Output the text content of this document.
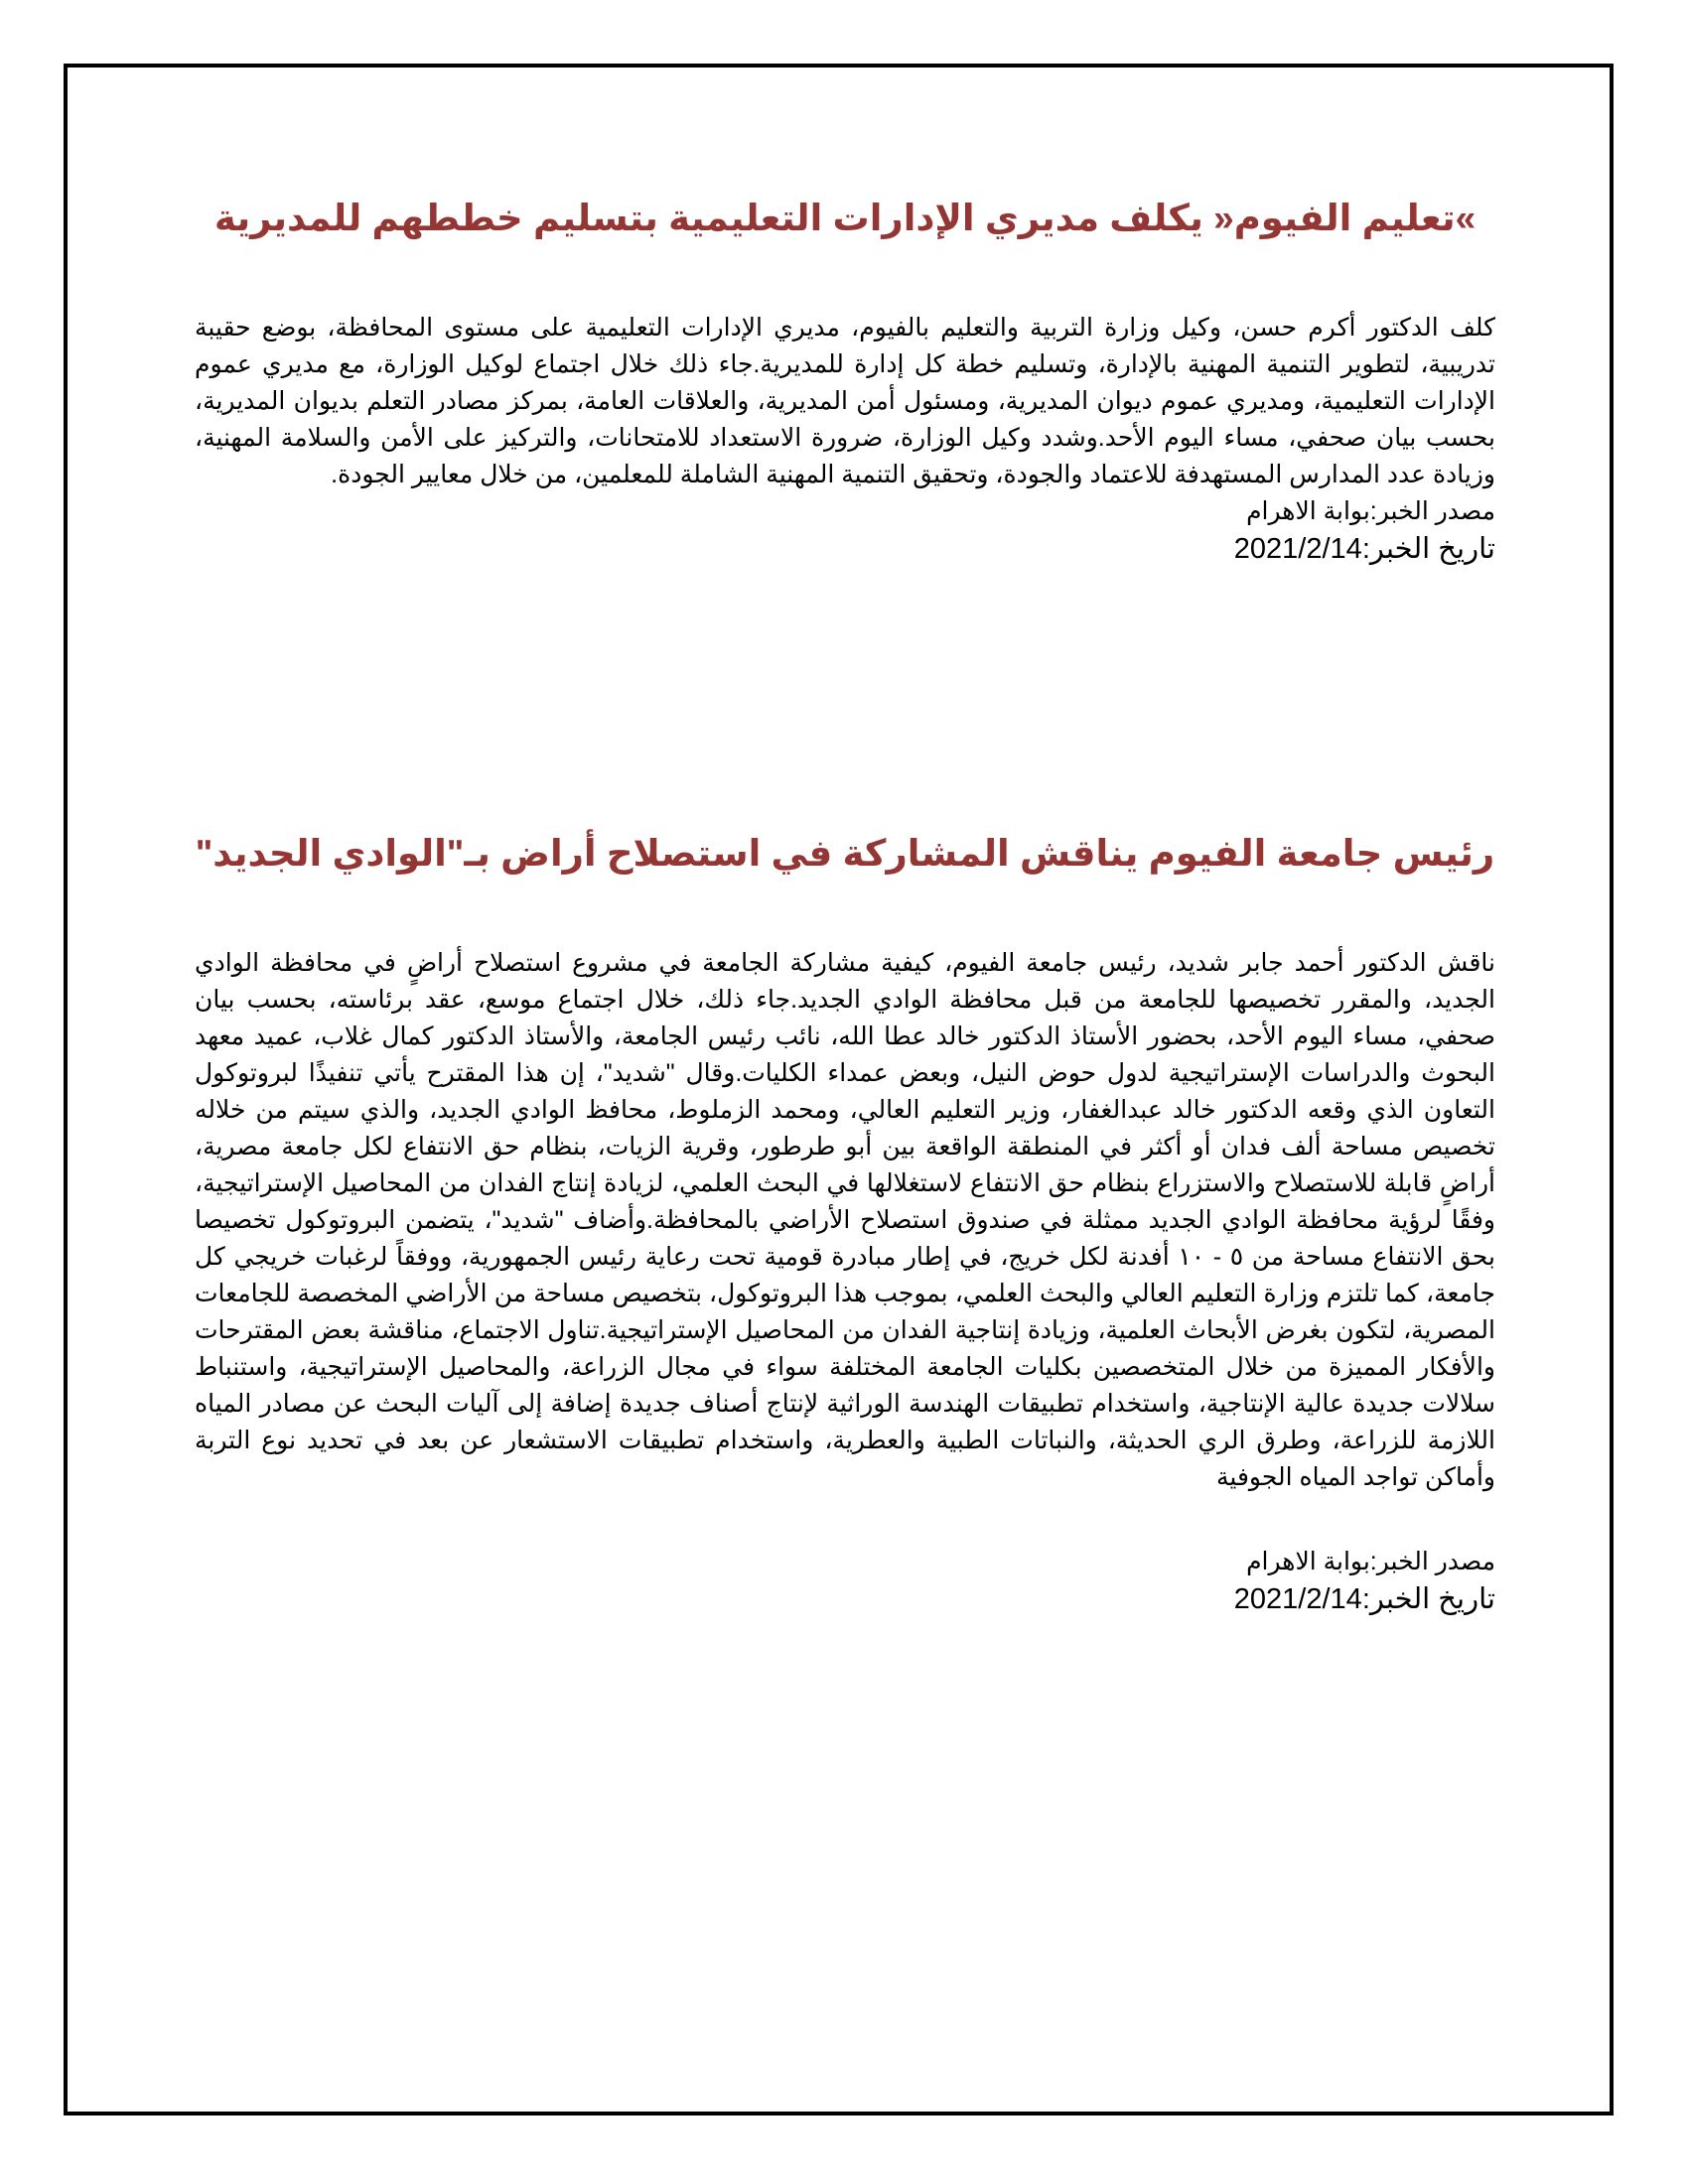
»تعليم الفيوم« يكلف مديري الإدارات التعليمية بتسليم خططهم للمديرية

كلف الدكتور أكرم حسن، وكيل وزارة التربية والتعليم بالفيوم، مديري الإدارات التعليمية على مستوى المحافظة، بوضع حقيبة تدريبية، لتطوير التنمية المهنية بالإدارة، وتسليم خطة كل إدارة للمديرية.جاء ذلك خلال اجتماع لوكيل الوزارة، مع مديري عموم الإدارات التعليمية، ومديري عموم ديوان المديرية، ومسئول أمن المديرية، والعلاقات العامة، بمركز مصادر التعلم بديوان المديرية، بحسب بيان صحفي، مساء اليوم الأحد.وشدد وكيل الوزارة، ضرورة الاستعداد للامتحانات، والتركيز على الأمن والسلامة المهنية، وزيادة عدد المدارس المستهدفة للاعتماد والجودة، وتحقيق التنمية المهنية الشاملة للمعلمين، من خلال معايير الجودة.

مصدر الخبر:بوابة الاهرام

تاريخ الخبر:2021/2/14

رئيس جامعة الفيوم يناقش المشاركة في استصلاح أراض بـ"الوادي الجديد"

ناقش الدكتور أحمد جابر شديد، رئيس جامعة الفيوم، كيفية مشاركة الجامعة في مشروع استصلاح أراضٍ في محافظة الوادي الجديد، والمقرر تخصيصها للجامعة من قبل محافظة الوادي الجديد.جاء ذلك، خلال اجتماع موسع، عقد برئاسته، بحسب بيان صحفي، مساء اليوم الأحد، بحضور الأستاذ الدكتور خالد عطا الله، نائب رئيس الجامعة، والأستاذ الدكتور كمال غلاب، عميد معهد البحوث والدراسات الإستراتيجية لدول حوض النيل، وبعض عمداء الكليات.وقال "شديد"، إن هذا المقترح يأتي تنفيذًا لبروتوكول التعاون الذي وقعه الدكتور خالد عبدالغفار، وزير التعليم العالي، ومحمد الزملوط، محافظ الوادي الجديد، والذي سيتم من خلاله تخصيص مساحة ألف فدان أو أكثر في المنطقة الواقعة بين أبو طرطور، وقرية الزيات، بنظام حق الانتفاع لكل جامعة مصرية، أراضٍ قابلة للاستصلاح والاستزراع بنظام حق الانتفاع لاستغلالها في البحث العلمي، لزيادة إنتاج الفدان من المحاصيل الإستراتيجية، وفقًا لرؤية محافظة الوادي الجديد ممثلة في صندوق استصلاح الأراضي بالمحافظة.وأضاف "شديد"، يتضمن البروتوكول تخصيصا بحق الانتفاع مساحة من ٥ - ١٠ أفدنة لكل خريج، في إطار مبادرة قومية تحت رعاية رئيس الجمهورية، ووفقاً لرغبات خريجي كل جامعة، كما تلتزم وزارة التعليم العالي والبحث العلمي، بموجب هذا البروتوكول، بتخصيص مساحة من الأراضي المخصصة للجامعات المصرية، لتكون بغرض الأبحاث العلمية، وزيادة إنتاجية الفدان من المحاصيل الإستراتيجية.تناول الاجتماع، مناقشة بعض المقترحات والأفكار المميزة من خلال المتخصصين بكليات الجامعة المختلفة سواء في مجال الزراعة، والمحاصيل الإستراتيجية، واستنباط سلالات جديدة عالية الإنتاجية، واستخدام تطبيقات الهندسة الوراثية لإنتاج أصناف جديدة إضافة إلى آليات البحث عن مصادر المياه اللازمة للزراعة، وطرق الري الحديثة، والنباتات الطبية والعطرية، واستخدام تطبيقات الاستشعار عن بعد في تحديد نوع التربة وأماكن تواجد المياه الجوفية

مصدر الخبر:بوابة الاهرام

تاريخ الخبر:2021/2/14
